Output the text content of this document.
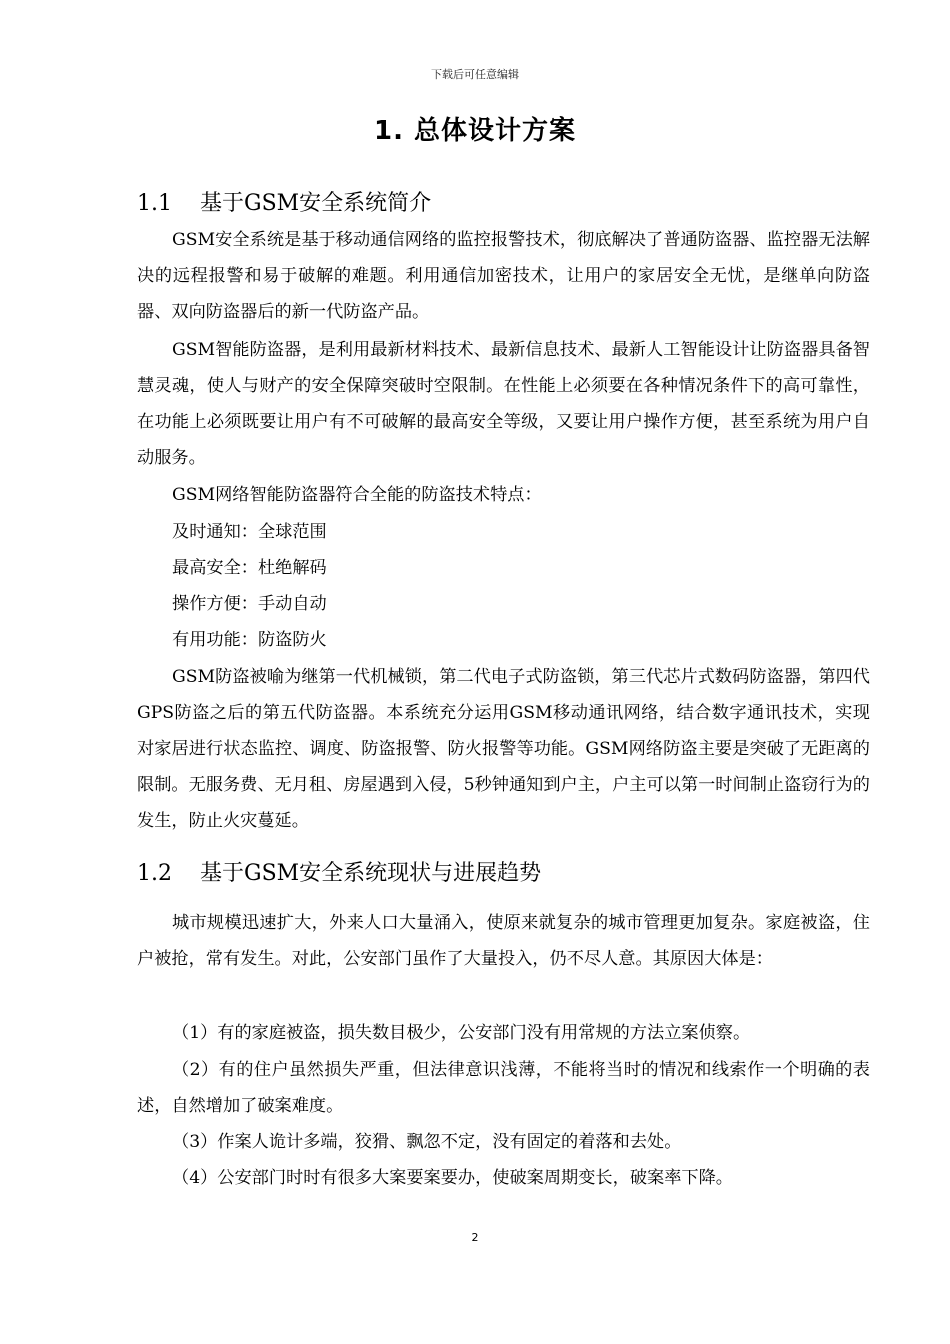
下载后可任意编辑
1. 总体设计方案
1.1 基于GSM安全系统简介

GSM安全系统是基于移动通信网络的监控报警技术，彻底解决了普通防盗器、监控器无法解决的远程报警和易于破解的难题。利用通信加密技术，让用户的家居安全无忧，是继单向防盗器、双向防盗器后的新一代防盗产品。

GSM智能防盗器，是利用最新材料技术、最新信息技术、最新人工智能设计让防盗器具备智慧灵魂，使人与财产的安全保障突破时空限制。在性能上必须要在各种情况条件下的高可靠性，在功能上必须既要让用户有不可破解的最高安全等级，又要让用户操作方便，甚至系统为用户自动服务。

GSM网络智能防盗器符合全能的防盗技术特点：

及时通知：全球范围

最高安全：杜绝解码

操作方便：手动自动

有用功能：防盗防火

GSM防盗被喻为继第一代机械锁，第二代电子式防盗锁，第三代芯片式数码防盗器，第四代GPS防盗之后的第五代防盗器。本系统充分运用GSM移动通讯网络，结合数字通讯技术，实现对家居进行状态监控、调度、防盗报警、防火报警等功能。GSM网络防盗主要是突破了无距离的限制。无服务费、无月租、房屋遇到入侵，5秒钟通知到户主，户主可以第一时间制止盗窃行为的发生，防止火灾蔓延。

1.2 基于GSM安全系统现状与进展趋势

城市规模迅速扩大，外来人口大量涌入，使原来就复杂的城市管理更加复杂。家庭被盗，住户被抢，常有发生。对此，公安部门虽作了大量投入，仍不尽人意。其原因大体是：

（1）有的家庭被盗，损失数目极少，公安部门没有用常规的方法立案侦察。

（2）有的住户虽然损失严重，但法律意识浅薄，不能将当时的情况和线索作一个明确的表述，自然增加了破案难度。

（3）作案人诡计多端，狡猾、飘忽不定，没有固定的着落和去处。

（4）公安部门时时有很多大案要案要办，使破案周期变长，破案率下降。

2
